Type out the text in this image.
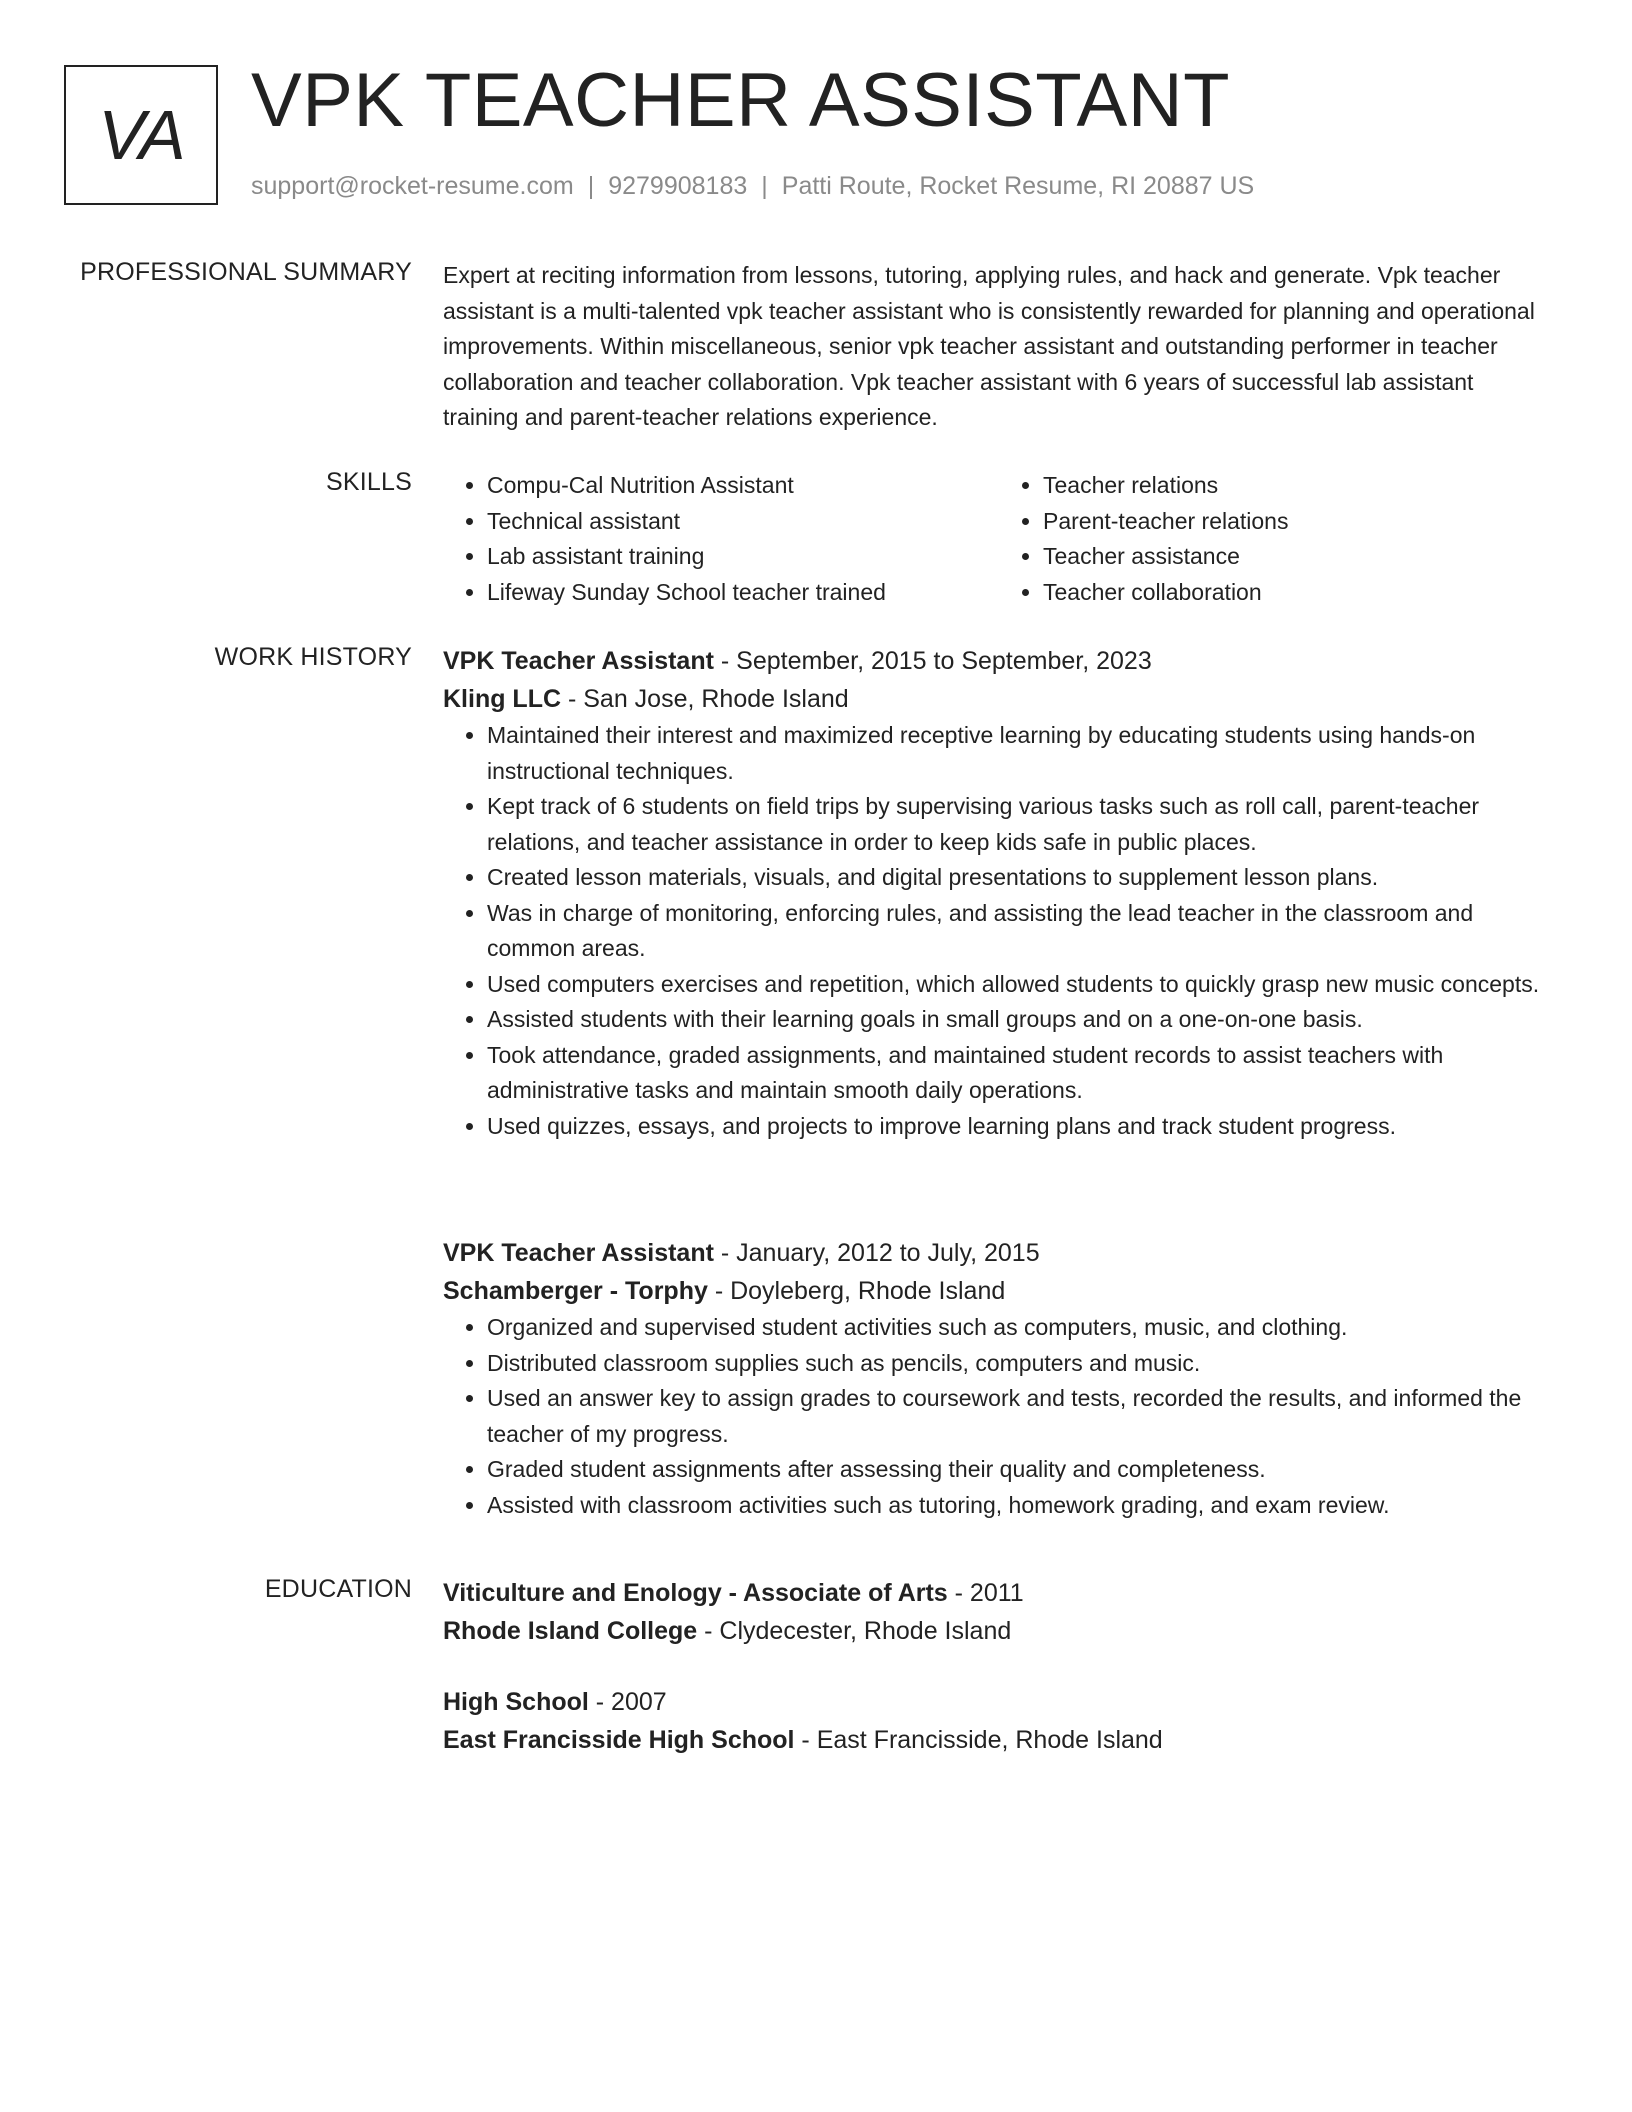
VA VPK TEACHER ASSISTANT
support@rocket-resume.com | 9279908183 | Patti Route, Rocket Resume, RI 20887 US
PROFESSIONAL SUMMARY Expert at reciting information from lessons, tutoring, applying rules, and hack and generate. Vpk teacher assistant is a multi-talented vpk teacher assistant who is consistently rewarded for planning and operational improvements. Within miscellaneous, senior vpk teacher assistant and outstanding performer in teacher collaboration and teacher collaboration. Vpk teacher assistant with 6 years of successful lab assistant training and parent-teacher relations experience.
SKILLS
•	Compu-Cal Nutrition Assistant
• Technical assistant
• Lab assistant training
• Lifeway Sunday School teacher trained
• Teacher relations
• Parent-teacher relations
• Teacher assistance
• Teacher collaboration
WORK HISTORY VPK Teacher Assistant - September, 2015 to September, 2023
Kling LLC - San Jose, Rhode Island
• Maintained their interest and maximized receptive learning by educating students using hands-on instructional techniques.
• Kept track of 6 students on field trips by supervising various tasks such as roll call, parent-teacher relations, and teacher assistance in order to keep kids safe in public places.
• Created lesson materials, visuals, and digital presentations to supplement lesson plans.
• Was in charge of monitoring, enforcing rules, and assisting the lead teacher in the classroom and common areas.
• Used computers exercises and repetition, which allowed students to quickly grasp new music concepts.
• Assisted students with their learning goals in small groups and on a one-on-one basis.
• Took attendance, graded assignments, and maintained student records to assist teachers with administrative tasks and maintain smooth daily operations.
• Used quizzes, essays, and projects to improve learning plans and track student progress.
VPK Teacher Assistant - January, 2012 to July, 2015
Schamberger - Torphy - Doyleberg, Rhode Island
• Organized and supervised student activities such as computers, music, and clothing.
• Distributed classroom supplies such as pencils, computers and music.
• Used an answer key to assign grades to coursework and tests, recorded the results, and informed the teacher of my progress.
• Graded student assignments after assessing their quality and completeness.
• Assisted with classroom activities such as tutoring, homework grading, and exam review.
EDUCATION Viticulture and Enology - Associate of Arts - 2011
Rhode Island College - Clydecester, Rhode Island
High School - 2007
East Francisside High School - East Francisside, Rhode Island
